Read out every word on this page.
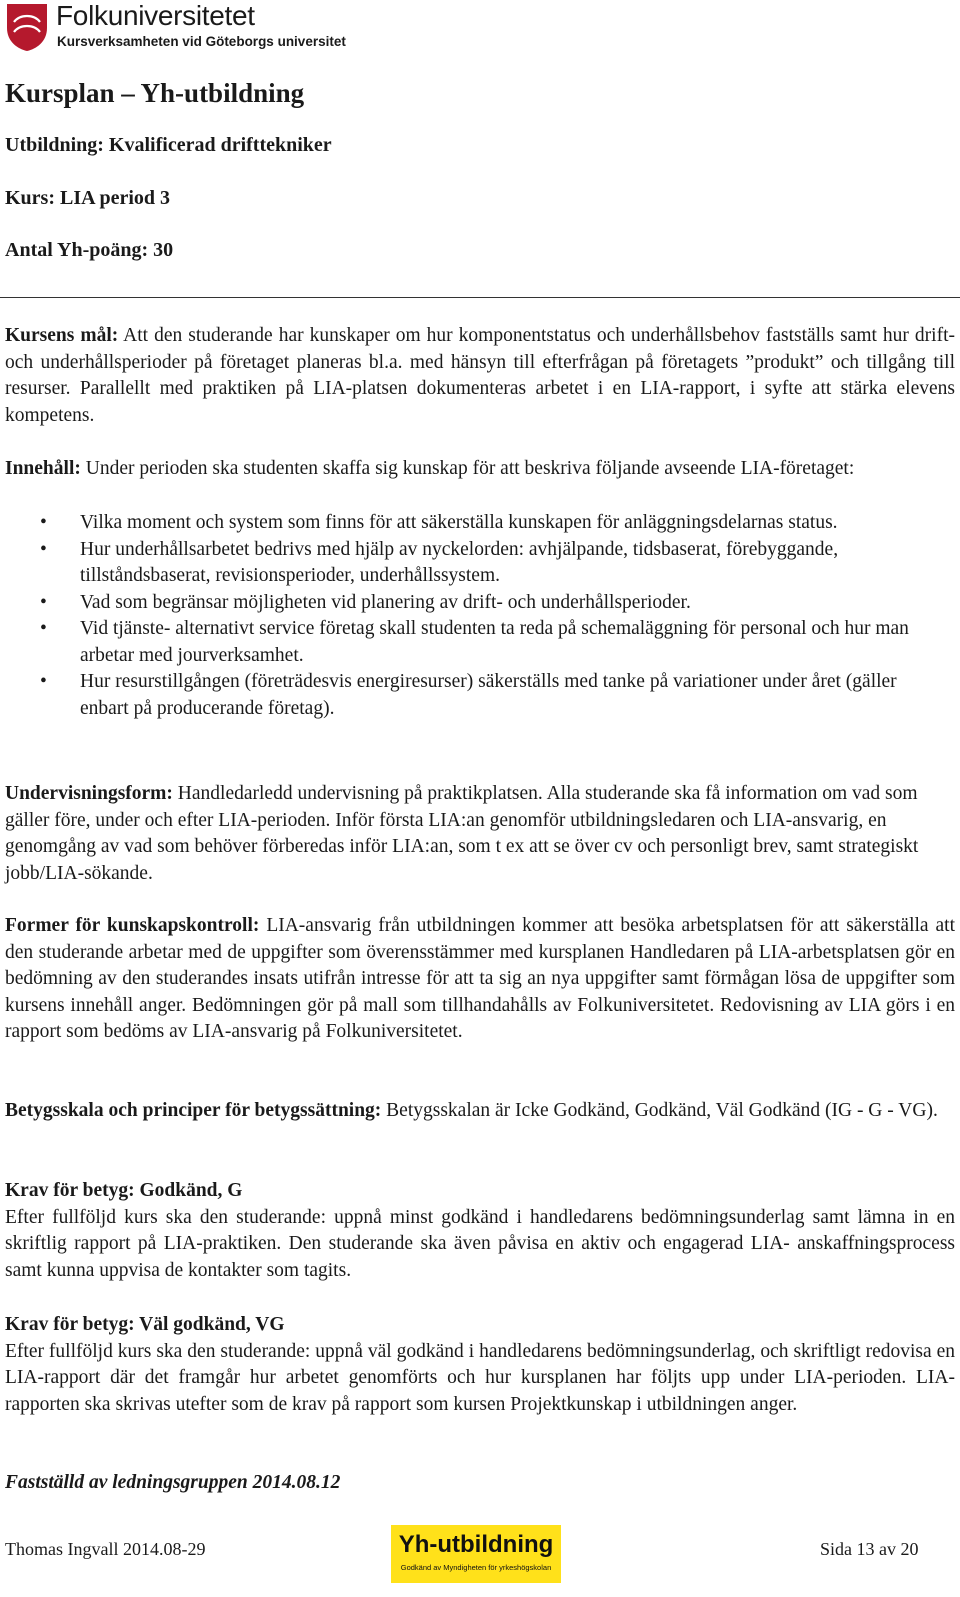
Folkuniversitetet
Kursverksamheten vid Göteborgs universitet
Kursplan – Yh-utbildning

Utbildning: Kvalificerad drifttekniker

Kurs: LIA period 3

Antal Yh-poäng: 30

Kursens mål: Att den studerande har kunskaper om hur komponentstatus och underhållsbehov fastställs samt hur drift- och underhållsperioder på företaget planeras bl.a. med hänsyn till efterfrågan på företagets ”produkt” och tillgång till resurser. Parallellt med praktiken på LIA-platsen dokumenteras arbetet i en LIA-rapport, i syfte att stärka elevens kompetens.

Innehåll: Under perioden ska studenten skaffa sig kunskap för att beskriva följande avseende LIA-företaget:

• Vilka moment och system som finns för att säkerställa kunskapen för anläggningsdelarnas status.
• Hur underhållsarbetet bedrivs med hjälp av nyckelorden: avhjälpande, tidsbaserat, förebyggande, tillståndsbaserat, revisionsperioder, underhållssystem.
• Vad som begränsar möjligheten vid planering av drift- och underhållsperioder.
• Vid tjänste- alternativt service företag skall studenten ta reda på schemaläggning för personal och hur man arbetar med jourverksamhet.
• Hur resurstillgången (företrädesvis energiresurser) säkerställs med tanke på variationer under året (gäller enbart på producerande företag).

Undervisningsform: Handledarledd undervisning på praktikplatsen. Alla studerande ska få information om vad som gäller före, under och efter LIA-perioden. Inför första LIA:an genomför utbildningsledaren och LIA-ansvarig, en genomgång av vad som behöver förberedas inför LIA:an, som t ex att se över cv och personligt brev, samt strategiskt jobb/LIA-sökande.

Former för kunskapskontroll: LIA-ansvarig från utbildningen kommer att besöka arbetsplatsen för att säkerställa att den studerande arbetar med de uppgifter som överensstämmer med kursplanen Handledaren på LIA-arbetsplatsen gör en bedömning av den studerandes insats utifrån intresse för att ta sig an nya uppgifter samt förmågan lösa de uppgifter som kursens innehåll anger. Bedömningen gör på mall som tillhandahålls av Folkuniversitetet. Redovisning av LIA görs i en rapport som bedöms av LIA-ansvarig på Folkuniversitetet.

Betygsskala och principer för betygssättning: Betygsskalan är Icke Godkänd, Godkänd, Väl Godkänd (IG - G - VG).

Krav för betyg: Godkänd, G
Efter fullföljd kurs ska den studerande: uppnå minst godkänd i handledarens bedömningsunderlag samt lämna in en skriftlig rapport på LIA-praktiken. Den studerande ska även påvisa en aktiv och engagerad LIA- anskaffningsprocess samt kunna uppvisa de kontakter som tagits.

Krav för betyg: Väl godkänd, VG
Efter fullföljd kurs ska den studerande: uppnå väl godkänd i handledarens bedömningsunderlag, och skriftligt redovisa en LIA-rapport där det framgår hur arbetet genomförts och hur kursplanen har följts upp under LIA-perioden. LIA-rapporten ska skrivas utefter som de krav på rapport som kursen Projektkunskap i utbildningen anger.

Fastställd av ledningsgruppen 2014.08.12

Thomas Ingvall 2014.08-29	Yh-utbildning
Godkänd av Myndigheten för yrkeshögskolan
Sida 13 av 20
